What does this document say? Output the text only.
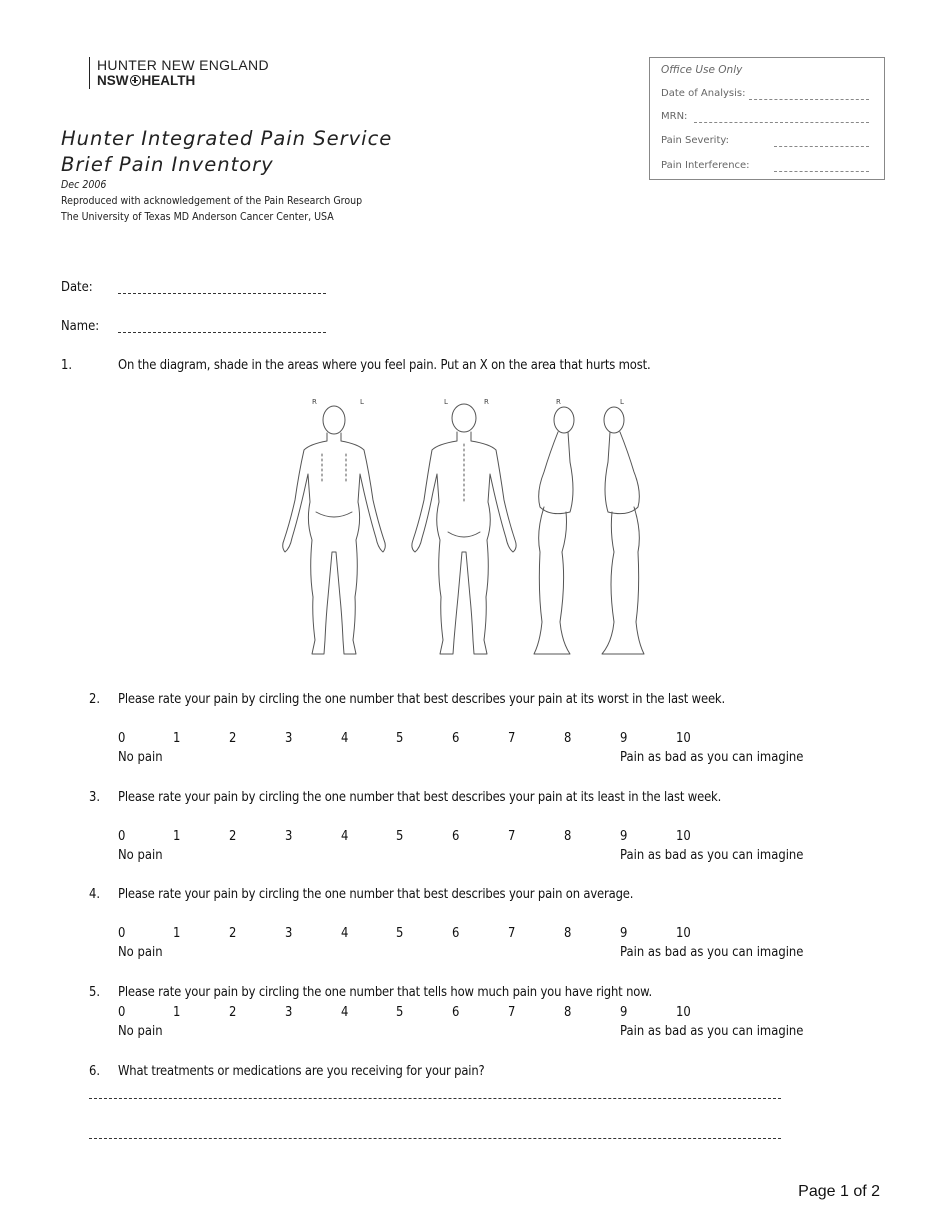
HUNTER NEW ENGLAND
NSW HEALTH
Office Use Only
Date of Analysis:
MRN:
Pain Severity:
Pain Interference:
Hunter Integrated Pain Service
Brief Pain Inventory
Dec 2006
Reproduced with acknowledgement of the Pain Research Group
The University of Texas MD Anderson Cancer Center, USA
Date:
Name:
1.	On the diagram, shade in the areas where you feel pain. Put an X on the area that hurts most.
R	L	L	R	R	L
2. Please rate your pain by circling the one number that best describes your pain at its worst in the last week.
0	1	2	3	4	5	6	7	8	9	10
No pain	Pain as bad as you can imagine
3. Please rate your pain by circling the one number that best describes your pain at its least in the last week.
0	1	2	3	4	5	6	7	8	9	10
No pain	Pain as bad as you can imagine
4. Please rate your pain by circling the one number that best describes your pain on average.
0	1	2	3	4	5	6	7	8	9	10
No pain	Pain as bad as you can imagine
5. Please rate your pain by circling the one number that tells how much pain you have right now.
0	1	2	3	4	5	6	7	8	9	10
No pain	Pain as bad as you can imagine
6. What treatments or medications are you receiving for your pain?
Page 1 of 2
